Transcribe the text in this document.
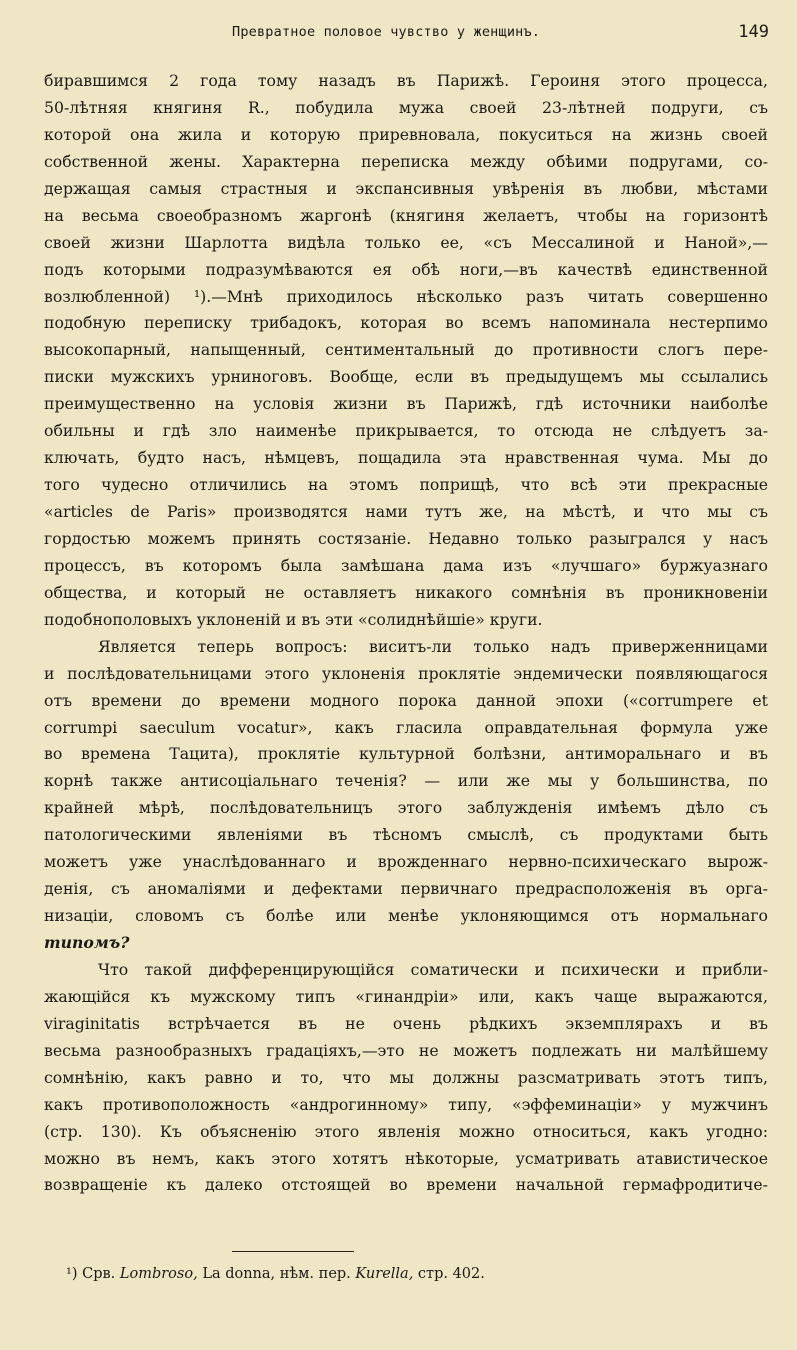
Превратное половое чувство у женщинъ.	149
биравшимся 2 года тому назадъ въ Парижѣ. Героиня этого процесса,
50-лѣтняя княгиня R., побудила мужа своей 23-лѣтней подруги, съ
которой она жила и которую приревновала, покуситься на жизнь своей
собственной жены. Характерна переписка между обѣими подругами, со-
держащая самыя страстныя и экспансивныя увѣренія въ любви, мѣстами
на весьма своеобразномъ жаргонѣ (княгиня желаетъ, чтобы на горизонтѣ
своей жизни Шарлотта видѣла только ее, «съ Мессалиной и Наной»,—
подъ которыми подразумѣваются ея обѣ ноги,—въ качествѣ единственной
возлюбленной) ¹).—Мнѣ приходилось нѣсколько разъ читать совершенно
подобную переписку трибадокъ, которая во всемъ напоминала нестерпимо
высокопарный, напыщенный, сентиментальный до противности слогъ пере-
писки мужскихъ урниноговъ. Вообще, если въ предыдущемъ мы ссылались
преимущественно на условія жизни въ Парижѣ, гдѣ источники наиболѣе
обильны и гдѣ зло наименѣе прикрывается, то отсюда не слѣдуетъ за-
ключать, будто насъ, нѣмцевъ, пощадила эта нравственная чума. Мы до
того чудесно отличились на этомъ поприщѣ, что всѣ эти прекрасные
«articles de Paris» производятся нами тутъ же, на мѣстѣ, и что мы съ
гордостью можемъ принять состязаніе. Недавно только разыгрался у насъ
процессъ, въ которомъ была замѣшана дама изъ «лучшаго» буржуазнаго
общества, и который не оставляетъ никакого сомнѣнія въ проникновеніи
подобнополовыхъ уклоненій и въ эти «солиднѣйшіе» круги.
Является теперь вопросъ: виситъ-ли только надъ приверженницами
и послѣдовательницами этого уклоненія проклятіе эндемически появляющагося
отъ времени до времени модного порока данной эпохи («corrumpere et
corrumpi saeculum vocatur», какъ гласила оправдательная формула уже
во времена Тацита), проклятіе культурной болѣзни, антиморальнаго и въ
корнѣ также антисоціальнаго теченія? — или же мы у большинства, по
крайней мѣрѣ, послѣдовательницъ этого заблужденія имѣемъ дѣло съ
патологическими явленіями въ тѣсномъ смыслѣ, съ продуктами быть
можетъ уже унаслѣдованнаго и врожденнаго нервно-психическаго вырож-
денія, съ аномаліями и дефектами первичнаго предрасположенія въ орга-
низаціи, словомъ съ болѣе или менѣе уклоняющимся отъ нормальнаго
типомъ?
Что такой дифференцирующійся соматически и психически и прибли-
жающійся къ мужскому типъ «гинандріи» или, какъ чаще выражаются,
viraginitatis встрѣчается въ не очень рѣдкихъ экземплярахъ и въ
весьма разнообразныхъ градаціяхъ,—это не можетъ подлежать ни малѣйшему
сомнѣнію, какъ равно и то, что мы должны разсматривать этотъ типъ,
какъ противоположность «андрогинному» типу, «эффеминаціи» у мужчинъ
(стр. 130). Къ объясненію этого явленія можно относиться, какъ угодно:
можно въ немъ, какъ этого хотятъ нѣкоторые, усматривать атавистическое
возвращеніе къ далеко отстоящей во времени начальной гермафродитиче-
¹) Срв. Lombroso, La donna, нѣм. пер. Kurella, стр. 402.
